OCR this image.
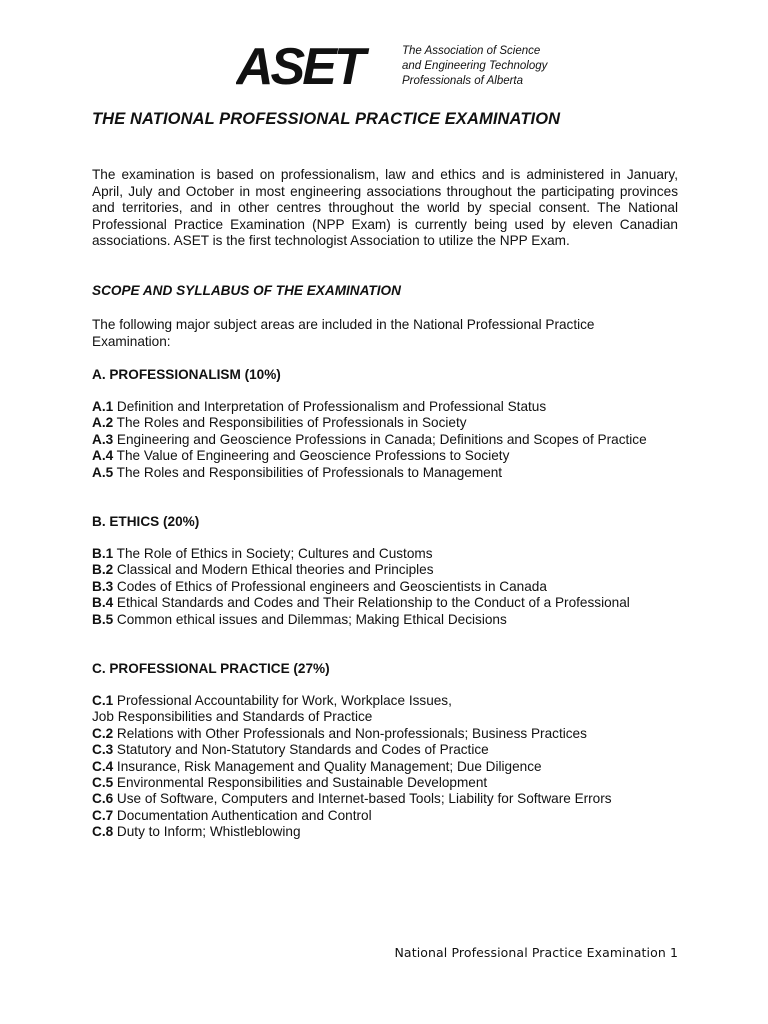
ASET	The Association of Science
and Engineering Technology
Professionals of Alberta
THE NATIONAL PROFESSIONAL PRACTICE EXAMINATION
The examination is based on professionalism, law and ethics and is administered in January, April, July and October in most engineering associations throughout the participating provinces and territories, and in other centres throughout the world by special consent. The National Professional Practice Examination (NPP Exam) is currently being used by eleven Canadian associations. ASET is the first technologist Association to utilize the NPP Exam.
SCOPE AND SYLLABUS OF THE EXAMINATION
The following major subject areas are included in the National Professional Practice Examination:
A. PROFESSIONALISM (10%)
A.1 Definition and Interpretation of Professionalism and Professional Status
A.2 The Roles and Responsibilities of Professionals in Society
A.3 Engineering and Geoscience Professions in Canada; Definitions and Scopes of Practice
A.4 The Value of Engineering and Geoscience Professions to Society
A.5 The Roles and Responsibilities of Professionals to Management
B. ETHICS (20%)
B.1 The Role of Ethics in Society; Cultures and Customs
B.2 Classical and Modern Ethical theories and Principles
B.3 Codes of Ethics of Professional engineers and Geoscientists in Canada
B.4 Ethical Standards and Codes and Their Relationship to the Conduct of a Professional
B.5 Common ethical issues and Dilemmas; Making Ethical Decisions
C. PROFESSIONAL PRACTICE (27%)
C.1 Professional Accountability for Work, Workplace Issues,
Job Responsibilities and Standards of Practice
C.2 Relations with Other Professionals and Non-professionals; Business Practices
C.3 Statutory and Non-Statutory Standards and Codes of Practice
C.4 Insurance, Risk Management and Quality Management; Due Diligence
C.5 Environmental Responsibilities and Sustainable Development
C.6 Use of Software, Computers and Internet-based Tools; Liability for Software Errors
C.7 Documentation Authentication and Control
C.8 Duty to Inform; Whistleblowing
National Professional Practice Examination 1
